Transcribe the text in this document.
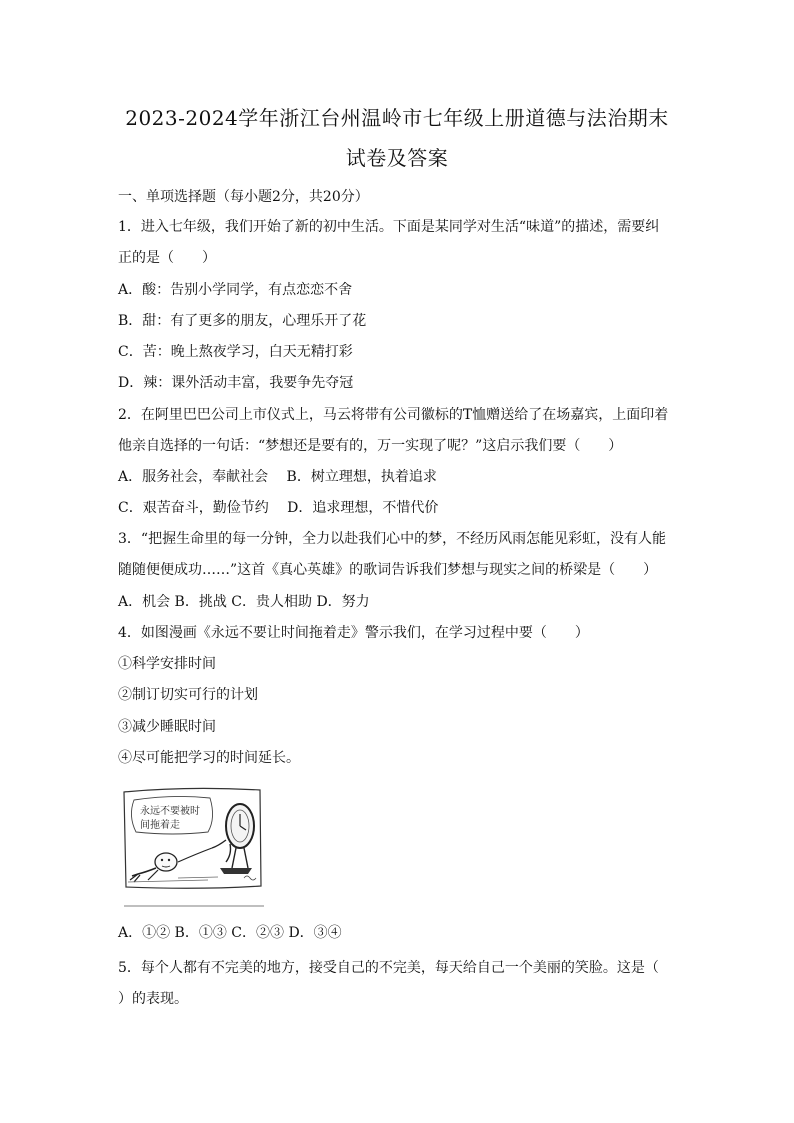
2023-2024学年浙江台州温岭市七年级上册道德与法治期末
试卷及答案
一、单项选择题（每小题2分，共20分）
1．进入七年级，我们开始了新的初中生活。下面是某同学对生活“味道”的描述，需要纠
正的是（　　）
A．酸：告别小学同学，有点恋恋不舍
B．甜：有了更多的朋友，心理乐开了花
C．苦：晚上熬夜学习，白天无精打彩
D．辣：课外活动丰富，我要争先夺冠
2．在阿里巴巴公司上市仪式上，马云将带有公司徽标的T恤赠送给了在场嘉宾，上面印着
他亲自选择的一句话：“梦想还是要有的，万一实现了呢？”这启示我们要（　　）
A．服务社会，奉献社会　 B．树立理想，执着追求
C．艰苦奋斗，勤俭节约　 D．追求理想，不惜代价
3．“把握生命里的每一分钟，全力以赴我们心中的梦，不经历风雨怎能见彩虹，没有人能
随随便便成功……”这首《真心英雄》的歌词告诉我们梦想与现实之间的桥梁是（　　）
A．机会 B．挑战 C．贵人相助 D．努力
4．如图漫画《永远不要让时间拖着走》警示我们，在学习过程中要（　　）
①科学安排时间
②制订切实可行的计划
③减少睡眠时间
④尽可能把学习的时间延长。
永远不要被时
间拖着走
A．①② B．①③ C．②③ D．③④
5．每个人都有不完美的地方，接受自己的不完美，每天给自己一个美丽的笑脸。这是（
）的表现。
